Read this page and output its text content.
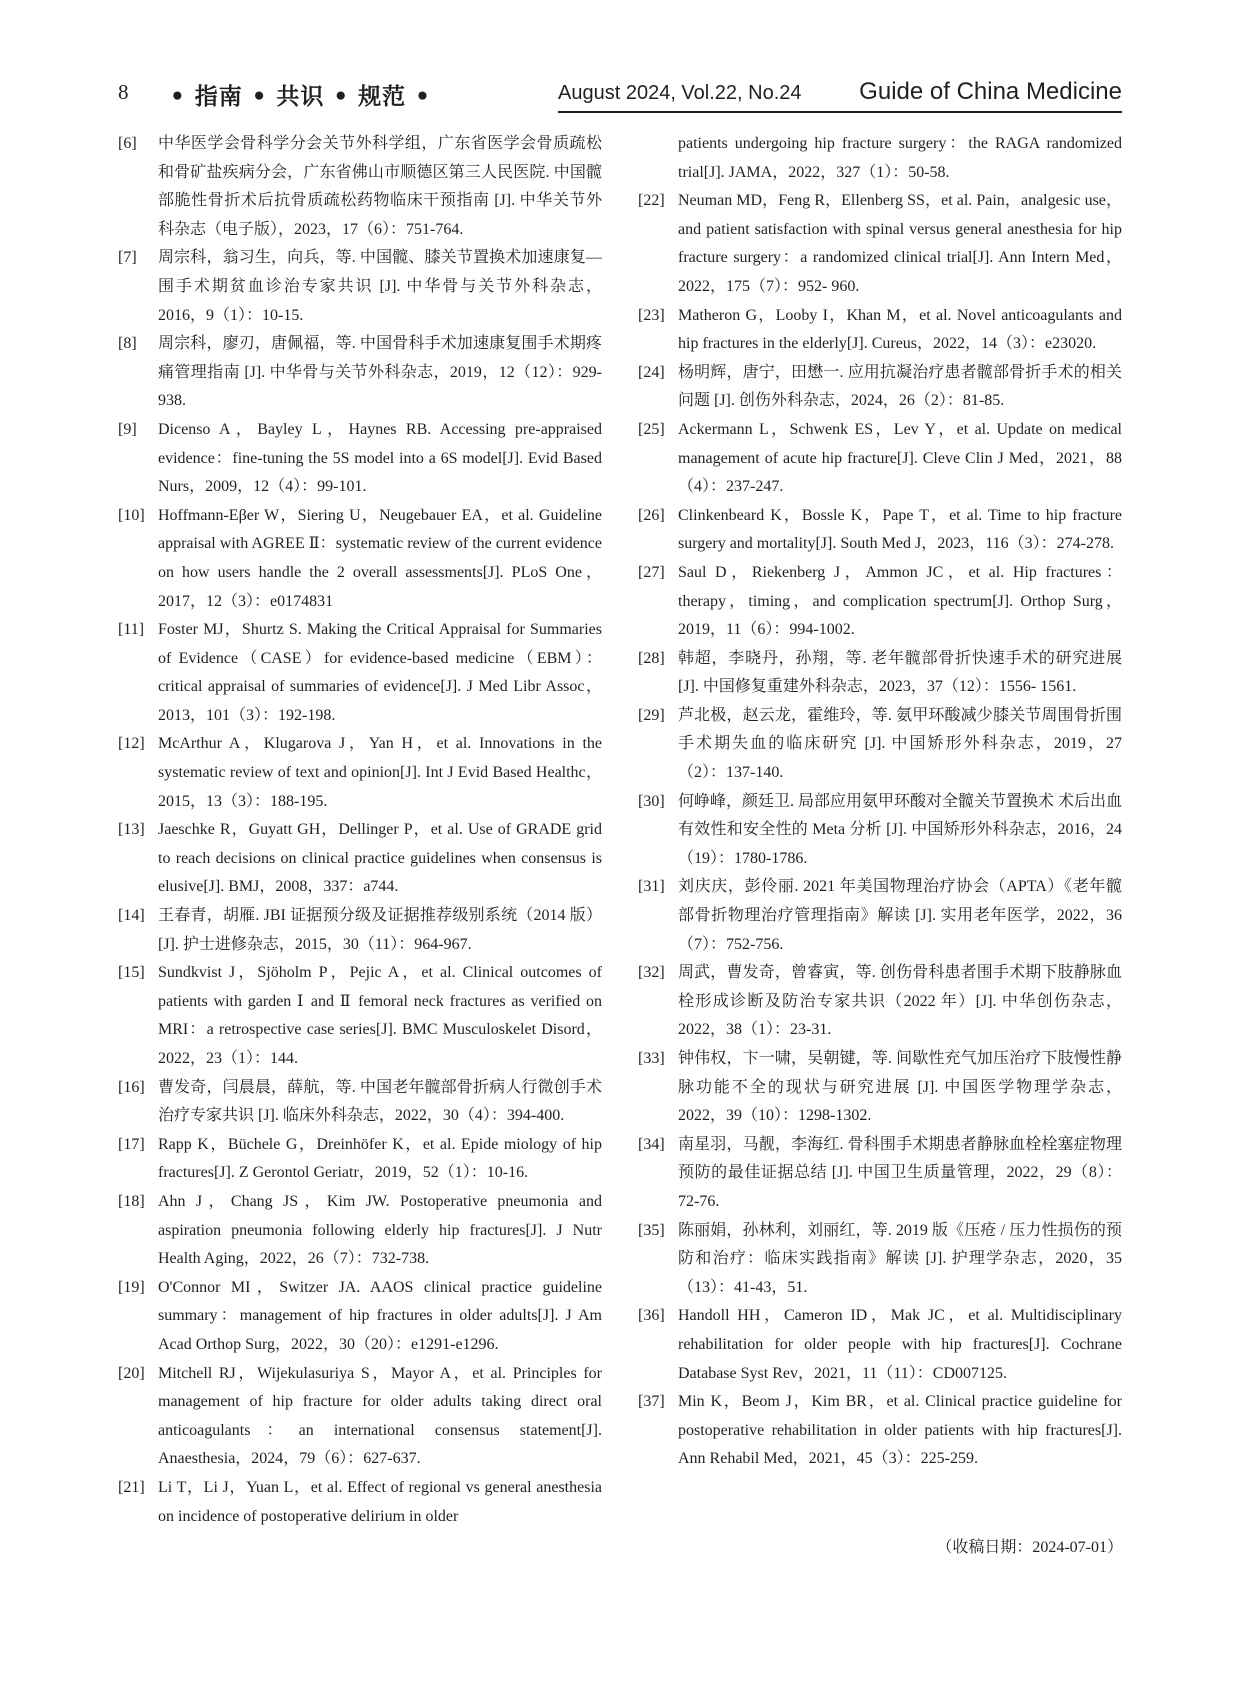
8 • 指南 • 共识 • 规范 •	August 2024, Vol.22, No.24 Guide of China Medicine

[6] 中华医学会骨科学分会关节外科学组，广东省医学会骨质疏松和骨矿盐疾病分会，广东省佛山市顺德区第三人民医院. 中国髋部脆性骨折术后抗骨质疏松药物临床干预指南 [J]. 中华关节外科杂志（电子版），2023，17（6）：751-764.

[7] 周宗科，翁习生，向兵，等. 中国髋、膝关节置换术加速康复—围手术期贫血诊治专家共识 [J]. 中华骨与关节外科杂志，2016，9（1）：10-15.

[8] 周宗科，廖刃，唐佩福，等. 中国骨科手术加速康复围手术期疼痛管理指南 [J]. 中华骨与关节外科杂志，2019，12（12）：929-938.

[9] Dicenso A，Bayley L，Haynes RB. Accessing pre-appraised evidence：fine-tuning the 5S model into a 6S model[J]. Evid Based Nurs，2009，12（4）：99-101.

[10] Hoffmann-Eβer W，Siering U，Neugebauer EA，et al. Guideline appraisal with AGREE Ⅱ：systematic review of the current evidence on how users handle the 2 overall assessments[J]. PLoS One，2017，12（3）：e0174831

[11] Foster MJ，Shurtz S. Making the Critical Appraisal for Summaries of Evidence（CASE）for evidence-based medicine（EBM）：critical appraisal of summaries of evidence[J]. J Med Libr Assoc，2013，101（3）：192-198.

[12] McArthur A，Klugarova J，Yan H，et al. Innovations in the systematic review of text and opinion[J]. Int J Evid Based Healthc，2015，13（3）：188-195.

[13] Jaeschke R，Guyatt GH，Dellinger P，et al. Use of GRADE grid to reach decisions on clinical practice guidelines when consensus is elusive[J]. BMJ，2008，337：a744.

[14] 王春青，胡雁. JBI 证据预分级及证据推荐级别系统（2014 版）[J]. 护士进修杂志，2015，30（11）：964-967.

[15] Sundkvist J，Sjöholm P，Pejic A，et al. Clinical outcomes of patients with garden Ⅰ and Ⅱ femoral neck fractures as verified on MRI：a retrospective case series[J]. BMC Musculoskelet Disord，2022，23（1）：144.

[16] 曹发奇，闫晨晨，薛航，等. 中国老年髋部骨折病人行微创手术治疗专家共识 [J]. 临床外科杂志，2022，30（4）：394-400.

[17] Rapp K，Büchele G，Dreinhöfer K，et al. Epide miology of hip fractures[J]. Z Gerontol Geriatr，2019，52（1）：10-16.

[18] Ahn J，Chang JS，Kim JW. Postoperative pneumonia and aspiration pneumonia following elderly hip fractures[J]. J Nutr Health Aging，2022，26（7）：732-738.

[19] O'Connor MI，Switzer JA. AAOS clinical practice guideline summary：management of hip fractures in older adults[J]. J Am Acad Orthop Surg，2022，30（20）：e1291-e1296.

[20] Mitchell RJ，Wijekulasuriya S，Mayor A，et al. Principles for management of hip fracture for older adults taking direct oral anticoagulants：an international consensus statement[J]. Anaesthesia，2024，79（6）：627-637.

[21] Li T，Li J，Yuan L，et al. Effect of regional vs general anesthesia on incidence of postoperative delirium in older

patients undergoing hip fracture surgery：the RAGA randomized trial[J]. JAMA，2022，327（1）：50-58.

[22] Neuman MD，Feng R，Ellenberg SS，et al. Pain，analgesic use，and patient satisfaction with spinal versus general anesthesia for hip fracture surgery：a randomized clinical trial[J]. Ann Intern Med，2022，175（7）：952- 960.

[23] Matheron G，Looby I，Khan M，et al. Novel anticoagulants and hip fractures in the elderly[J]. Cureus，2022，14（3）：e23020.

[24] 杨明辉，唐宁，田懋一. 应用抗凝治疗患者髋部骨折手术的相关问题 [J]. 创伤外科杂志，2024，26（2）：81-85.

[25] Ackermann L，Schwenk ES，Lev Y，et al. Update on medical management of acute hip fracture[J]. Cleve Clin J Med，2021，88（4）：237-247.

[26] Clinkenbeard K，Bossle K，Pape T，et al. Time to hip fracture surgery and mortality[J]. South Med J，2023，116（3）：274-278.

[27] Saul D，Riekenberg J，Ammon JC，et al. Hip fractures：therapy，timing，and complication spectrum[J]. Orthop Surg，2019，11（6）：994-1002.

[28] 韩超，李晓丹，孙翔，等. 老年髋部骨折快速手术的研究进展 [J]. 中国修复重建外科杂志，2023，37（12）：1556- 1561.

[29] 芦北极，赵云龙，霍维玲，等. 氨甲环酸减少膝关节周围骨折围手术期失血的临床研究 [J]. 中国矫形外科杂志，2019，27（2）：137-140.

[30] 何峥峰，颜廷卫. 局部应用氨甲环酸对全髋关节置换术 术后出血有效性和安全性的 Meta 分析 [J]. 中国矫形外科杂志，2016，24（19）：1780-1786.

[31] 刘庆庆，彭伶丽. 2021 年美国物理治疗协会（APTA）《老年髋部骨折物理治疗管理指南》解读 [J]. 实用老年医学，2022，36（7）：752-756.

[32] 周武，曹发奇，曾睿寅，等. 创伤骨科患者围手术期下肢静脉血栓形成诊断及防治专家共识（2022 年）[J]. 中华创伤杂志，2022，38（1）：23-31.

[33] 钟伟权，卞一啸，吴朝键，等. 间歇性充气加压治疗下肢慢性静脉功能不全的现状与研究进展 [J]. 中国医学物理学杂志，2022，39（10）：1298-1302.

[34] 南星羽，马靓，李海红. 骨科围手术期患者静脉血栓栓塞症物理预防的最佳证据总结 [J]. 中国卫生质量管理，2022，29（8）：72-76.

[35] 陈丽娟，孙林利，刘丽红，等. 2019 版《压疮 / 压力性损伤的预防和治疗：临床实践指南》解读 [J]. 护理学杂志，2020，35（13）：41-43，51.

[36] Handoll HH，Cameron ID，Mak JC，et al. Multidisciplinary rehabilitation for older people with hip fractures[J]. Cochrane Database Syst Rev，2021，11（11）：CD007125.

[37] Min K，Beom J，Kim BR，et al. Clinical practice guideline for postoperative rehabilitation in older patients with hip fractures[J]. Ann Rehabil Med，2021，45（3）：225-259.

（收稿日期：2024-07-01）
